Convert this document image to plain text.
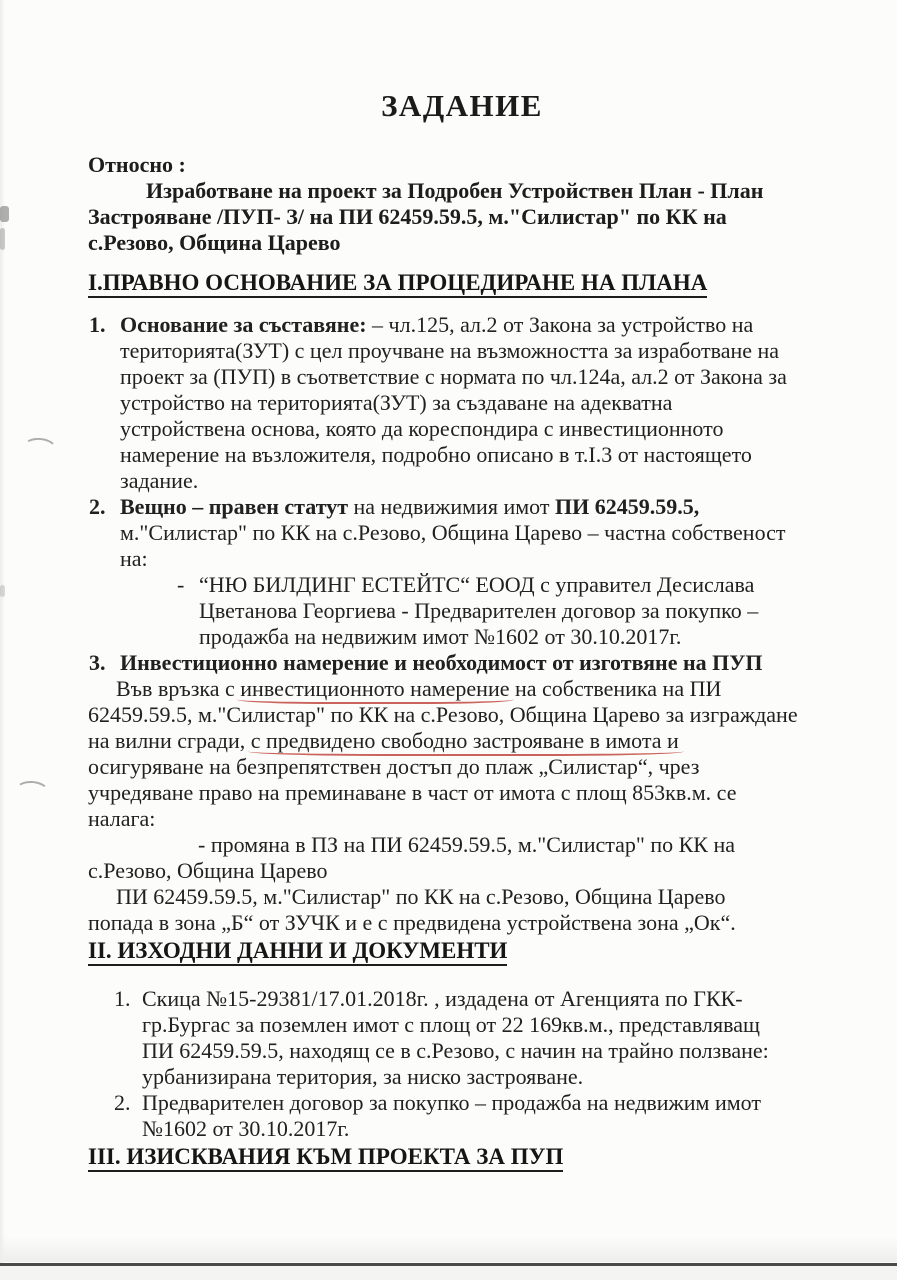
ЗАДАНИЕ
Относно :
Изработване на проект за Подробен Устройствен План - План
Застрояване /ПУП- З/ на ПИ 62459.59.5, м."Силистар" по КК на
с.Резово, Община Царево
I.ПРАВНО ОСНОВАНИЕ ЗА ПРОЦЕДИРАНЕ НА ПЛАНА
1. Основание за съставяне: – чл.125, ал.2 от Закона за устройство на
територията(ЗУТ) с цел проучване на възможността за изработване на
проект за (ПУП) в съответствие с нормата по чл.124а, ал.2 от Закона за
устройство на територията(ЗУТ) за създаване на адекватна
устройствена основа, която да кореспондира с инвестиционното
намерение на възложителя, подробно описано в т.I.3 от настоящето
задание.
2. Вещно – правен статут на недвижимия имот ПИ 62459.59.5,
м."Силистар" по КК на с.Резово, Община Царево – частна собственост
на:
- “НЮ БИЛДИНГ ЕСТЕЙТС“ ЕООД с управител Десислава
Цветанова Георгиева - Предварителен договор за покупко –
продажба на недвижим имот №1602 от 30.10.2017г.
3. Инвестиционно намерение и необходимост от изготвяне на ПУП
Във връзка с инвестиционното намерение на собственика на ПИ
62459.59.5, м."Силистар" по КК на с.Резово, Община Царево за изграждане
на вилни сгради, с предвидено свободно застрояване в имота и
осигуряване на безпрепятствен достъп до плаж „Силистар“, чрез
учредяване право на преминаване в част от имота с площ 853кв.м. се
налага:
- промяна в ПЗ на ПИ 62459.59.5, м."Силистар" по КК на
с.Резово, Община Царево
ПИ 62459.59.5, м."Силистар" по КК на с.Резово, Община Царево
попада в зона „Б“ от ЗУЧК и е с предвидена устройствена зона „Ок“.
II. ИЗХОДНИ ДАННИ И ДОКУМЕНТИ
1. Скица №15-29381/17.01.2018г. , издадена от Агенцията по ГКК-
гр.Бургас за поземлен имот с площ от 22 169кв.м., представляващ
ПИ 62459.59.5, находящ се в с.Резово, с начин на трайно ползване:
урбанизирана територия, за ниско застрояване.
2. Предварителен договор за покупко – продажба на недвижим имот
№1602 от 30.10.2017г.
III. ИЗИСКВАНИЯ КЪМ ПРОЕКТА ЗА ПУП
